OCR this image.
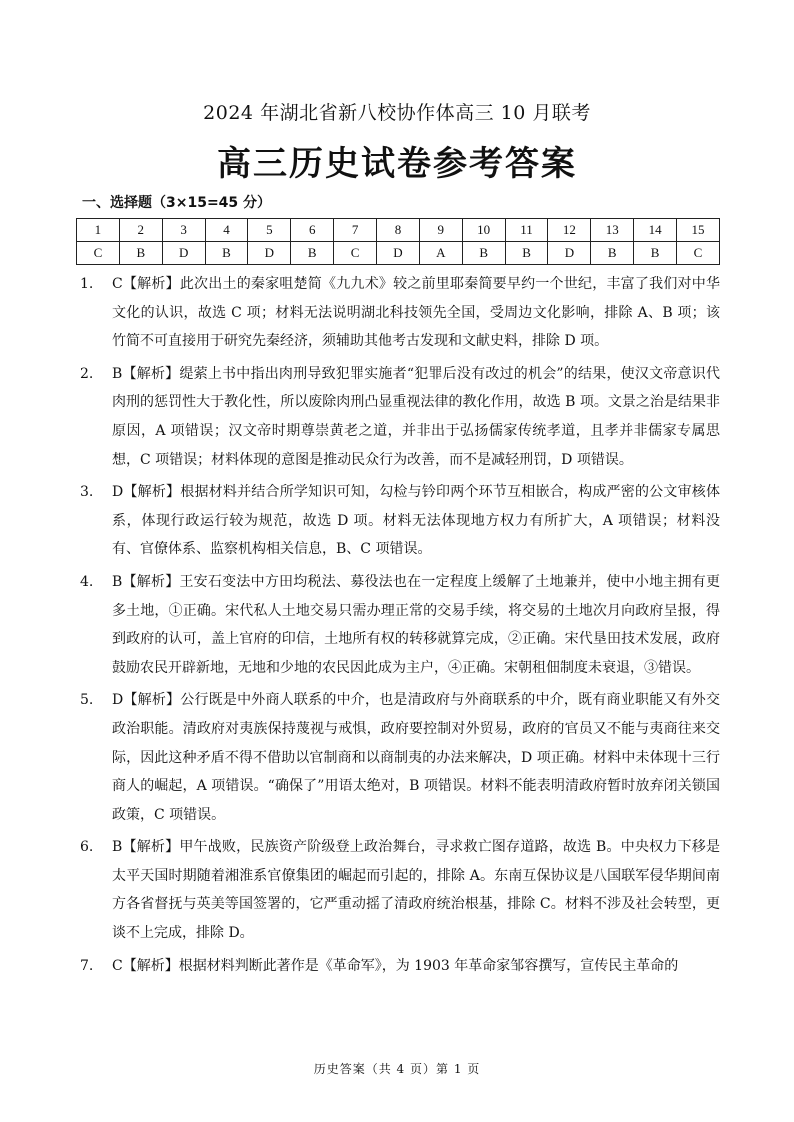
2024 年湖北省新八校协作体高三 10 月联考
高三历史试卷参考答案
一、选择题（3×15=45 分）
1	2	3	4	5	6	7	8	9	10	11	12	13	14	15
C	B	D	B	D	B	C	D	A	B	B	D	B	B	C
1. C【解析】此次出土的秦家咀楚简《九九术》较之前里耶秦简要早约一个世纪，丰富了我们对中华文化的认识，故选 C 项；材料无法说明湖北科技领先全国，受周边文化影响，排除 A、B 项；该竹简不可直接用于研究先秦经济，须辅助其他考古发现和文献史料，排除 D 项。
2. B【解析】缇萦上书中指出肉刑导致犯罪实施者“犯罪后没有改过的机会”的结果，使汉文帝意识代肉刑的惩罚性大于教化性，所以废除肉刑凸显重视法律的教化作用，故选 B 项。文景之治是结果非原因，A 项错误；汉文帝时期尊崇黄老之道，并非出于弘扬儒家传统孝道，且孝并非儒家专属思想，C 项错误；材料体现的意图是推动民众行为改善，而不是减轻刑罚，D 项错误。
3. D【解析】根据材料并结合所学知识可知，勾检与钤印两个环节互相嵌合，构成严密的公文审核体系，体现行政运行较为规范，故选 D 项。材料无法体现地方权力有所扩大，A 项错误；材料没有、官僚体系、监察机构相关信息，B、C 项错误。
4. B【解析】王安石变法中方田均税法、募役法也在一定程度上缓解了土地兼并，使中小地主拥有更多土地，①正确。宋代私人土地交易只需办理正常的交易手续，将交易的土地次月向政府呈报，得到政府的认可，盖上官府的印信，土地所有权的转移就算完成，②正确。宋代垦田技术发展，政府鼓励农民开辟新地，无地和少地的农民因此成为主户，④正确。宋朝租佃制度未衰退，③错误。
5. D【解析】公行既是中外商人联系的中介，也是清政府与外商联系的中介，既有商业职能又有外交政治职能。清政府对夷族保持蔑视与戒惧，政府要控制对外贸易，政府的官员又不能与夷商往来交际，因此这种矛盾不得不借助以官制商和以商制夷的办法来解决，D 项正确。材料中未体现十三行商人的崛起，A 项错误。“确保了”用语太绝对，B 项错误。材料不能表明清政府暂时放弃闭关锁国政策，C 项错误。
6. B【解析】甲午战败，民族资产阶级登上政治舞台，寻求救亡图存道路，故选 B。中央权力下移是太平天国时期随着湘淮系官僚集团的崛起而引起的，排除 A。东南互保协议是八国联军侵华期间南方各省督抚与英美等国签署的，它严重动摇了清政府统治根基，排除 C。材料不涉及社会转型，更谈不上完成，排除 D。
7. C【解析】根据材料判断此著作是《革命军》，为 1903 年革命家邹容撰写，宣传民主革命的
历史答案（共 4 页）第 1 页
